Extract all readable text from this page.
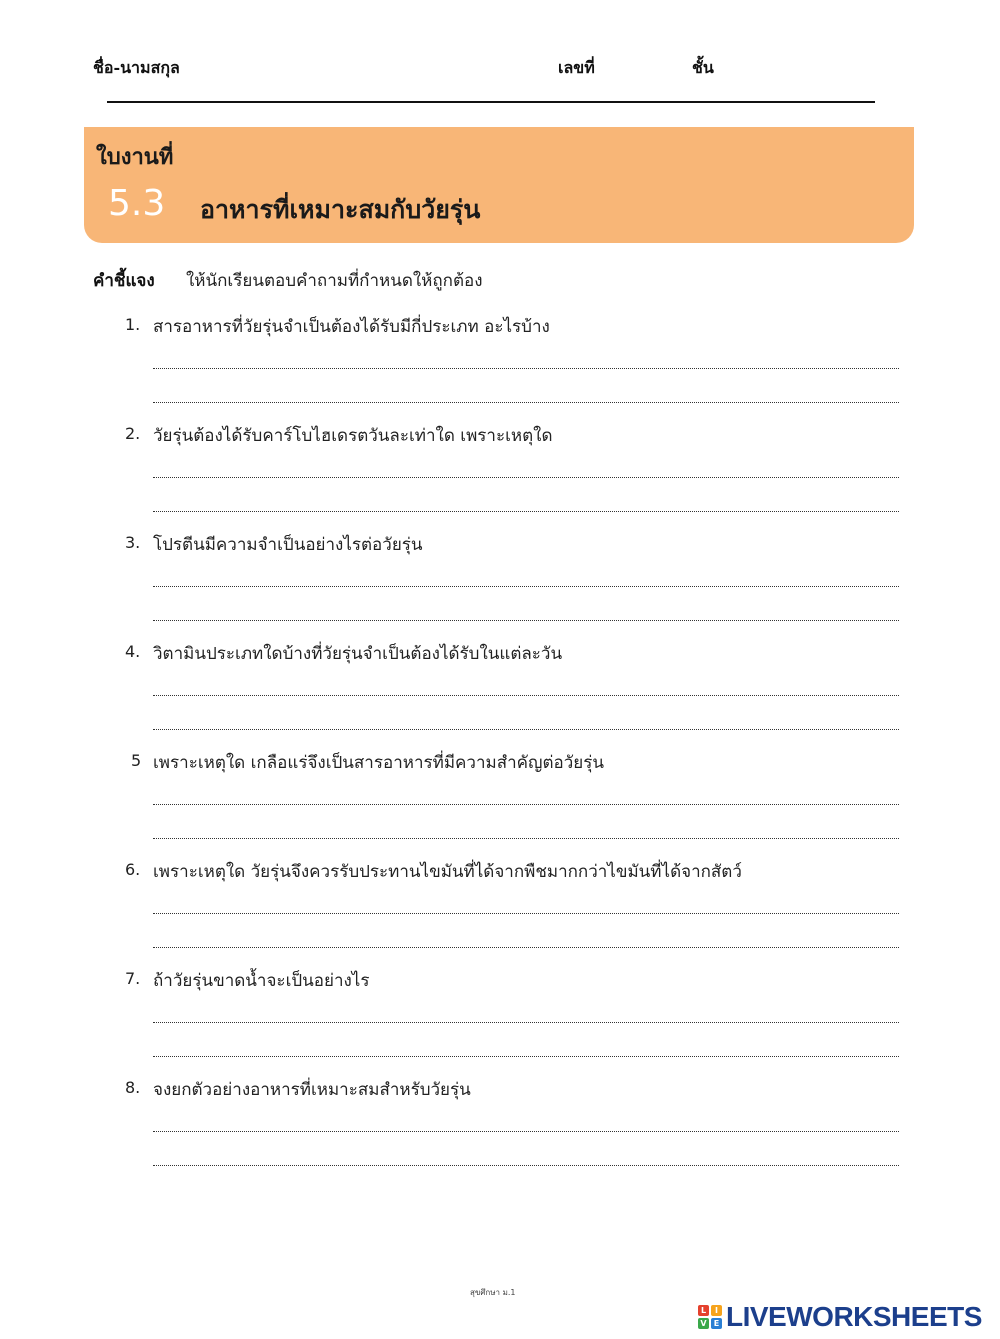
ชื่อ-นามสกุล	เลขที่	ชั้น
ใบงานที่
5.3 อาหารที่เหมาะสมกับวัยรุ่น
คำชี้แจง ให้นักเรียนตอบคำถามที่กำหนดให้ถูกต้อง
1. สารอาหารที่วัยรุ่นจำเป็นต้องได้รับมีกี่ประเภท อะไรบ้าง
2. วัยรุ่นต้องได้รับคาร์โบไฮเดรตวันละเท่าใด เพราะเหตุใด
3. โปรตีนมีความจำเป็นอย่างไรต่อวัยรุ่น
4. วิตามินประเภทใดบ้างที่วัยรุ่นจำเป็นต้องได้รับในแต่ละวัน
5 เพราะเหตุใด เกลือแร่จึงเป็นสารอาหารที่มีความสำคัญต่อวัยรุ่น
6. เพราะเหตุใด วัยรุ่นจึงควรรับประทานไขมันที่ได้จากพืชมากกว่าไขมันที่ได้จากสัตว์
7. ถ้าวัยรุ่นขาดน้ำจะเป็นอย่างไร
8. จงยกตัวอย่างอาหารที่เหมาะสมสำหรับวัยรุ่น
สุขศึกษา ม.1
L	I
V E LIVEWORKSHEETS
